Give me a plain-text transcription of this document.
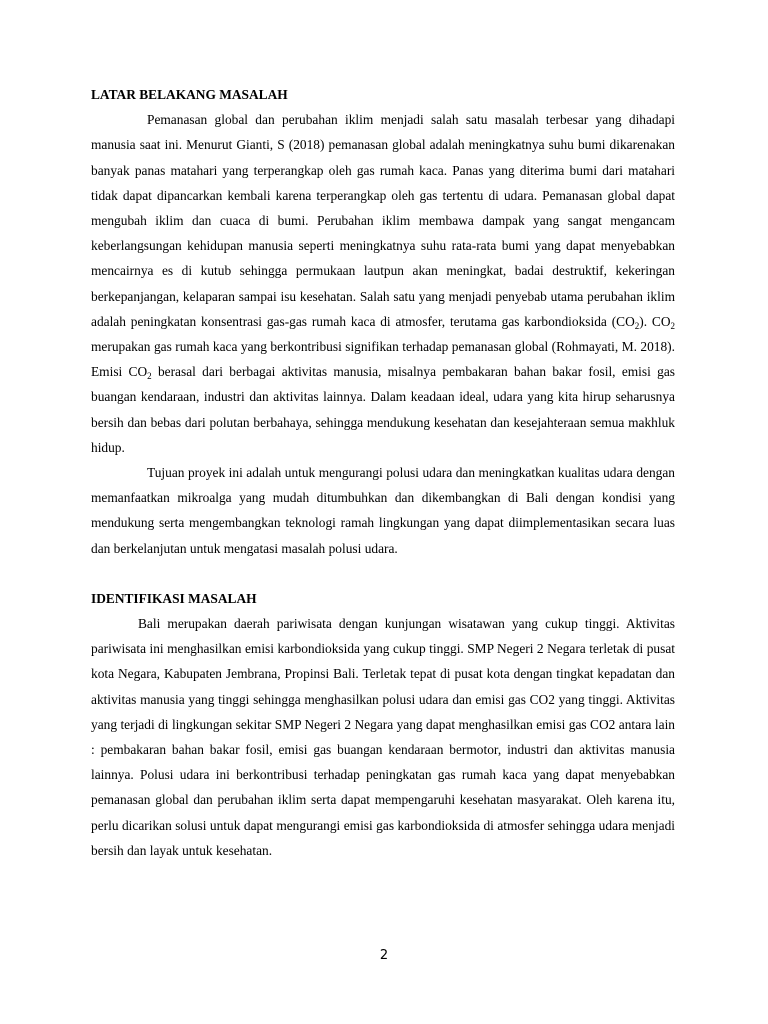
LATAR BELAKANG MASALAH

Pemanasan global dan perubahan iklim menjadi salah satu masalah terbesar yang dihadapi manusia saat ini. Menurut Gianti, S (2018) pemanasan global adalah meningkatnya suhu bumi dikarenakan banyak panas matahari yang terperangkap oleh gas rumah kaca. Panas yang diterima bumi dari matahari tidak dapat dipancarkan kembali karena terperangkap oleh gas tertentu di udara. Pemanasan global dapat mengubah iklim dan cuaca di bumi. Perubahan iklim membawa dampak yang sangat mengancam keberlangsungan kehidupan manusia seperti meningkatnya suhu rata-rata bumi yang dapat menyebabkan mencairnya es di kutub sehingga permukaan lautpun akan meningkat, badai destruktif, kekeringan berkepanjangan, kelaparan sampai isu kesehatan. Salah satu yang menjadi penyebab utama perubahan iklim adalah peningkatan konsentrasi gas-gas rumah kaca di atmosfer, terutama gas karbondioksida $(CO_2)$. $CO_2$ merupakan gas rumah kaca yang berkontribusi signifikan terhadap pemanasan global (Rohmayati, M. 2018). Emisi $CO_2$ berasal dari berbagai aktivitas manusia, misalnya pembakaran bahan bakar fosil, emisi gas buangan kendaraan, industri dan aktivitas lainnya. Dalam keadaan ideal, udara yang kita hirup seharusnya bersih dan bebas dari polutan berbahaya, sehingga mendukung kesehatan dan kesejahteraan semua makhluk hidup.

Tujuan proyek ini adalah untuk mengurangi polusi udara dan meningkatkan kualitas udara dengan memanfaatkan mikroalga yang mudah ditumbuhkan dan dikembangkan di Bali dengan kondisi yang mendukung serta mengembangkan teknologi ramah lingkungan yang dapat diimplementasikan secara luas dan berkelanjutan untuk mengatasi masalah polusi udara.

IDENTIFIKASI MASALAH

Bali merupakan daerah pariwisata dengan kunjungan wisatawan yang cukup tinggi. Aktivitas pariwisata ini menghasilkan emisi karbondioksida yang cukup tinggi. SMP Negeri 2 Negara terletak di pusat kota Negara, Kabupaten Jembrana, Propinsi Bali. Terletak tepat di pusat kota dengan tingkat kepadatan dan aktivitas manusia yang tinggi sehingga menghasilkan polusi udara dan emisi gas CO2 yang tinggi. Aktivitas yang terjadi di lingkungan sekitar SMP Negeri 2 Negara yang dapat menghasilkan emisi gas CO2 antara lain : pembakaran bahan bakar fosil, emisi gas buangan kendaraan bermotor, industri dan aktivitas manusia lainnya. Polusi udara ini berkontribusi terhadap peningkatan gas rumah kaca yang dapat menyebabkan pemanasan global dan perubahan iklim serta dapat mempengaruhi kesehatan masyarakat. Oleh karena itu, perlu dicarikan solusi untuk dapat mengurangi emisi gas karbondioksida di atmosfer sehingga udara menjadi bersih dan layak untuk kesehatan.

2
